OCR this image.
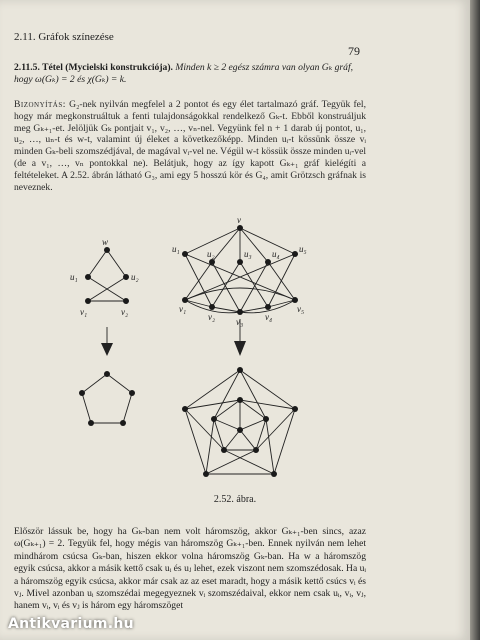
2.11. Gráfok színezése
79
2.11.5. Tétel (Mycielski konstrukciója). Minden k ≥ 2 egész számra van olyan Gₖ gráf, hogy ω(Gₖ) = 2 és χ(Gₖ) = k.
Bizonyítás: G₂-nek nyilván megfelel a 2 pontot és egy élet tartalmazó gráf. Tegyük fel, hogy már megkonstruáltuk a fenti tulajdonságokkal rendelkező Gₖ-t. Ebből konstruáljuk meg Gₖ₊₁-et. Jelöljük Gₖ pontjait v₁, v₂, …, vₙ-nel. Vegyünk fel n + 1 darab új pontot, u₁, u₂, …, uₙ-t és w-t, valamint új éleket a következőképp. Minden uᵢ-t kössünk össze vᵢ minden Gₖ-beli szomszédjával, de magával vᵢ-vel ne. Végül w-t kössük össze minden uᵢ-vel (de a v₁, …, vₙ pontokkal ne). Belátjuk, hogy az így kapott Gₖ₊₁ gráf kielégíti a feltételeket. A 2.52. ábrán látható G₃, ami egy 5 hosszú kör és G₄, amit Grötzsch gráfnak is neveznek.
w
u₁	u₂
v₁	v₂
v
u₁	u₂	u₃ u₄ u₅
v₁
v₂ v₃ v₄
v₅
2.52. ábra.
Először lássuk be, hogy ha Gₖ-ban nem volt háromszög, akkor Gₖ₊₁-ben sincs, azaz ω(Gₖ₊₁) = 2. Tegyük fel, hogy mégis van háromszög Gₖ₊₁-ben. Ennek nyilván nem lehet mindhárom csúcsa Gₖ-ban, hiszen ekkor volna háromszög Gₖ-ban. Ha w a háromszög egyik csúcsa, akkor a másik kettő csak uᵢ és uⱼ lehet, ezek viszont nem szomszédosak. Ha uᵢ a háromszög egyik csúcsa, akkor már csak az az eset maradt, hogy a másik kettő csúcs vᵢ és vⱼ. Mivel azonban uᵢ szomszédai megegyeznek vᵢ szomszédaival, ekkor nem csak uᵢ, vᵢ, vⱼ, hanem vᵢ, vᵢ és vⱼ is három egy háromszöget
Antikvarium.hu
